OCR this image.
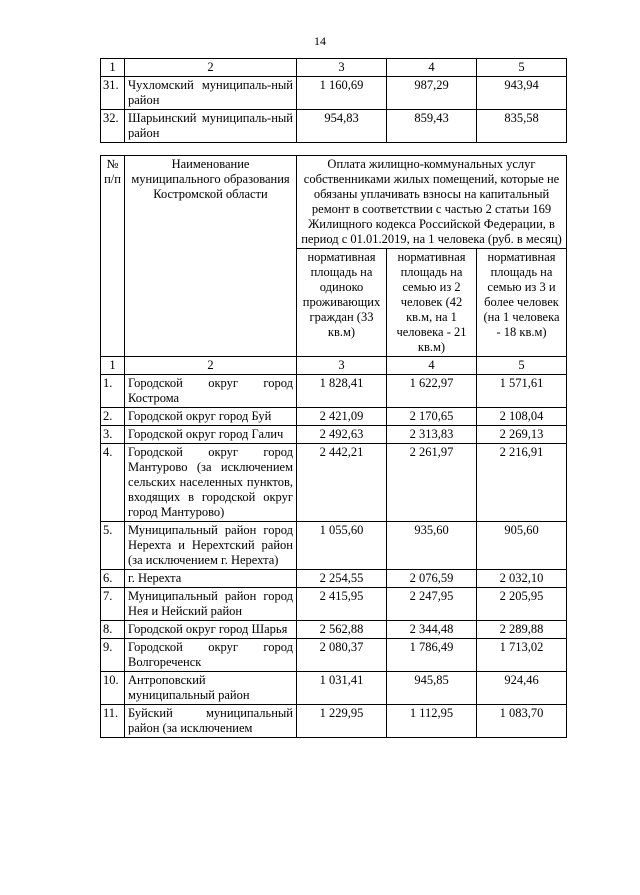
14
1	2	3	4	5
31.	Чухломский муниципаль-ный район	1 160,69	987,29	943,94
32.	Шарьинский муниципаль-ный район	954,83	859,43	835,58
№ п/п	Наименование муниципального образования Костромской области	Оплата жилищно-коммунальных услуг собственниками жилых помещений, которые не обязаны уплачивать взносы на капитальный ремонт в соответствии с частью 2 статьи 169 Жилищного кодекса Российской Федерации, в период с 01.01.2019, на 1 человека (руб. в месяц)		
		нормативная площадь на одиноко проживающих граждан (33 кв.м)	нормативная площадь на семью из 2 человек (42 кв.м, на 1 человека - 21 кв.м)	нормативная площадь на семью из 3 и более человек (на 1 человека - 18 кв.м)
1	2	3	4	5
1.	Городской округ город Кострома	1 828,41	1 622,97	1 571,61
2.	Городской округ город Буй	2 421,09	2 170,65	2 108,04
3.	Городской округ город Галич	2 492,63	2 313,83	2 269,13
4.	Городской округ город Мантурово (за исключением сельских населенных пунктов, входящих в городской округ город Мантурово)	2 442,21	2 261,97	2 216,91
5.	Муниципальный район город Нерехта и Нерехтский район (за исключением г. Нерехта)	1 055,60	935,60	905,60
6.	г. Нерехта	2 254,55	2 076,59	2 032,10
7.	Муниципальный район город Нея и Нейский район	2 415,95	2 247,95	2 205,95
8.	Городской округ город Шарья	2 562,88	2 344,48	2 289,88
9.	Городской округ город Волгореченск	2 080,37	1 786,49	1 713,02
10.	Антроповский муниципальный район	1 031,41	945,85	924,46
11.	Буйский муниципальный район (за исключением	1 229,95	1 112,95	1 083,70
